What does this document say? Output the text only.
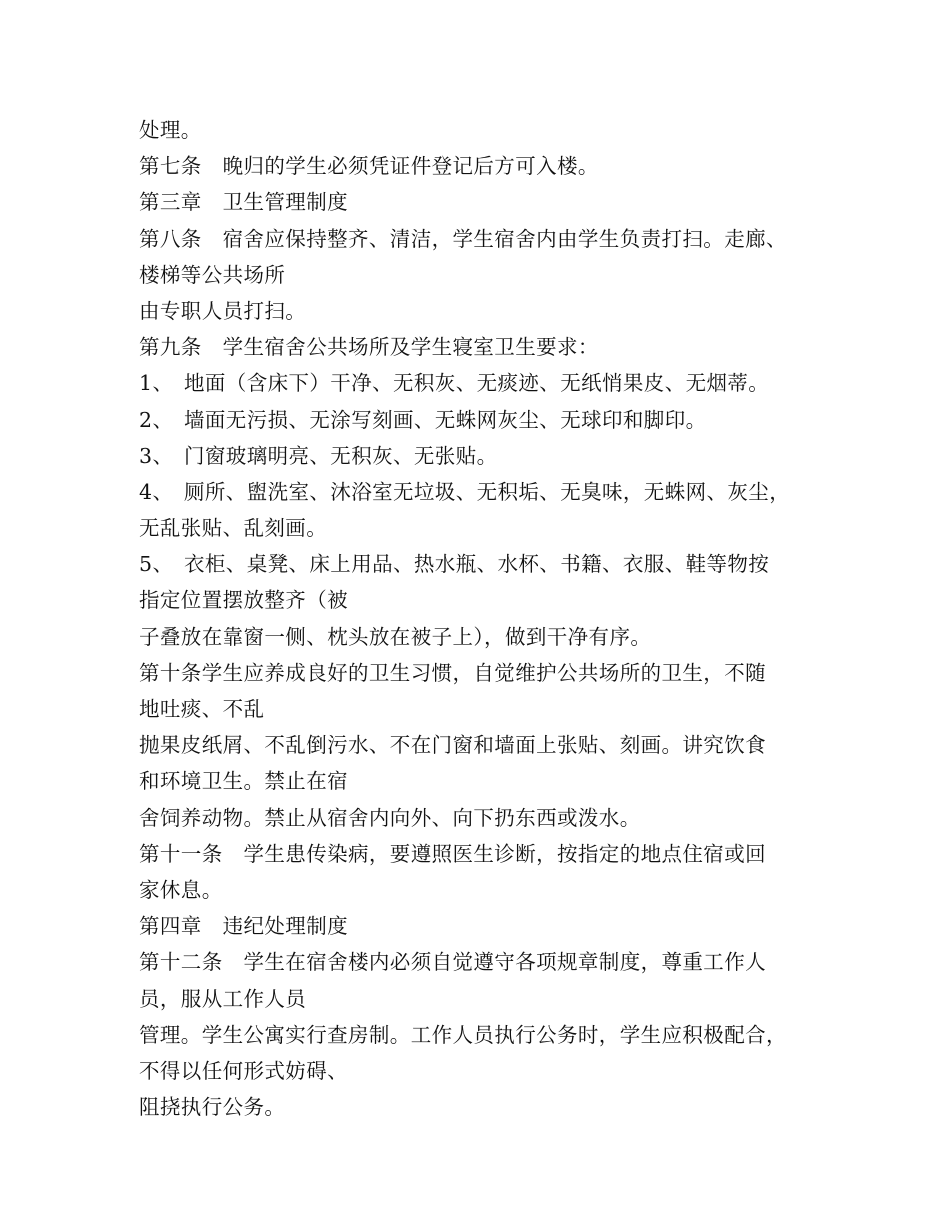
处理。
第七条　晚归的学生必须凭证件登记后方可入楼。
第三章　卫生管理制度
第八条　宿舍应保持整齐、清洁，学生宿舍内由学生负责打扫。走廊、
楼梯等公共场所
由专职人员打扫。
第九条　学生宿舍公共场所及学生寝室卫生要求：
1、　地面（含床下）干净、无积灰、无痰迹、无纸悄果皮、无烟蒂。
2、　墙面无污损、无涂写刻画、无蛛网灰尘、无球印和脚印。
3、　门窗玻璃明亮、无积灰、无张贴。
4、　厕所、盥洗室、沐浴室无垃圾、无积垢、无臭味，无蛛网、灰尘，
无乱张贴、乱刻画。
5、　衣柜、桌凳、床上用品、热水瓶、水杯、书籍、衣服、鞋等物按
指定位置摆放整齐（被
子叠放在靠窗一侧、枕头放在被子上），做到干净有序。
第十条学生应养成良好的卫生习惯，自觉维护公共场所的卫生，不随
地吐痰、不乱
抛果皮纸屑、不乱倒污水、不在门窗和墙面上张贴、刻画。讲究饮食
和环境卫生。禁止在宿
舍饲养动物。禁止从宿舍内向外、向下扔东西或泼水。
第十一条　学生患传染病，要遵照医生诊断，按指定的地点住宿或回
家休息。
第四章　违纪处理制度
第十二条　学生在宿舍楼内必须自觉遵守各项规章制度，尊重工作人
员，服从工作人员
管理。学生公寓实行查房制。工作人员执行公务时，学生应积极配合，
不得以任何形式妨碍、
阻挠执行公务。
